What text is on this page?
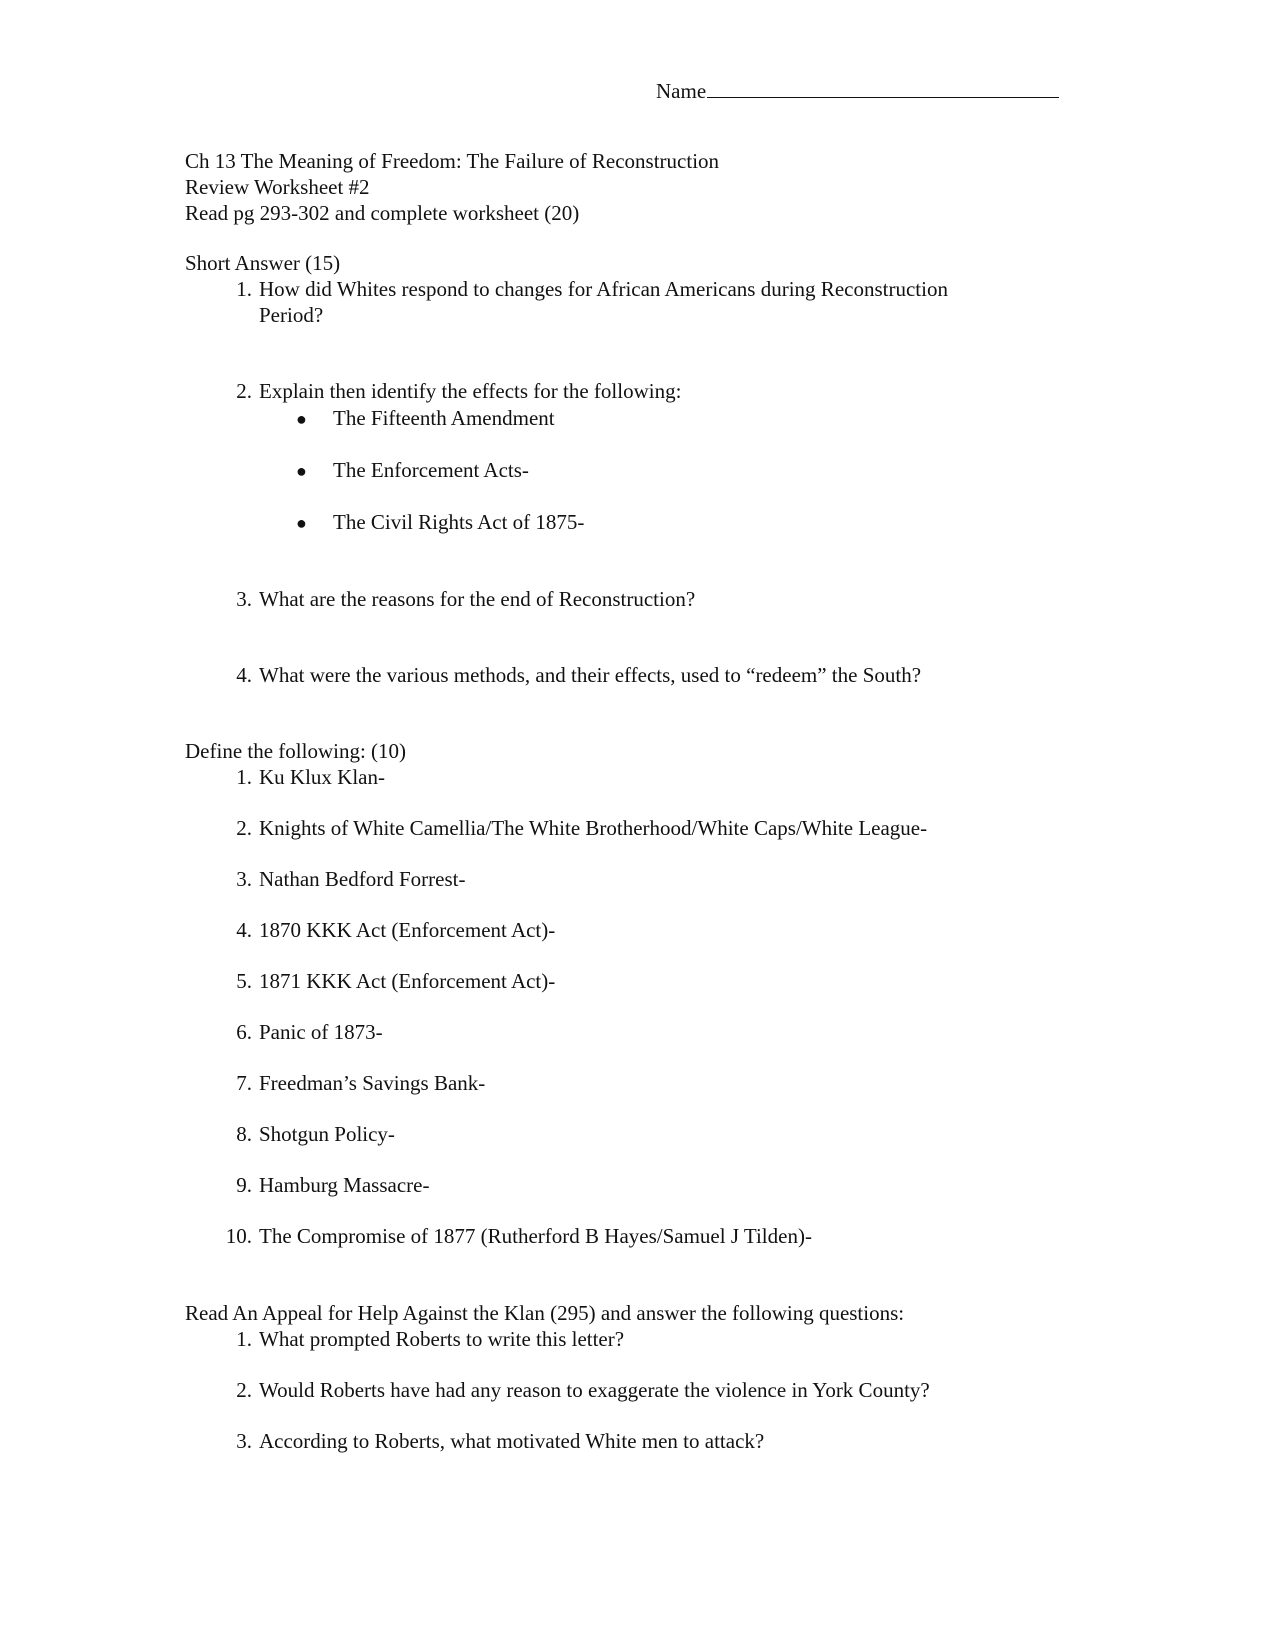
Name
Ch 13 The Meaning of Freedom: The Failure of Reconstruction
Review Worksheet #2
Read pg 293-302 and complete worksheet (20)
Short Answer (15)
1. How did Whites respond to changes for African Americans during Reconstruction
Period?
2. Explain then identify the effects for the following:
● The Fifteenth Amendment
● The Enforcement Acts-
● The Civil Rights Act of 1875-
3. What are the reasons for the end of Reconstruction?
4. What were the various methods, and their effects, used to “redeem” the South?
Define the following: (10)
1. Ku Klux Klan-
2. Knights of White Camellia/The White Brotherhood/White Caps/White League-
3. Nathan Bedford Forrest-
4. 1870 KKK Act (Enforcement Act)-
5. 1871 KKK Act (Enforcement Act)-
6. Panic of 1873-
7. Freedman’s Savings Bank-
8. Shotgun Policy-
9. Hamburg Massacre-
10. The Compromise of 1877 (Rutherford B Hayes/Samuel J Tilden)-
Read An Appeal for Help Against the Klan (295) and answer the following questions:
1. What prompted Roberts to write this letter?
2. Would Roberts have had any reason to exaggerate the violence in York County?
3. According to Roberts, what motivated White men to attack?
